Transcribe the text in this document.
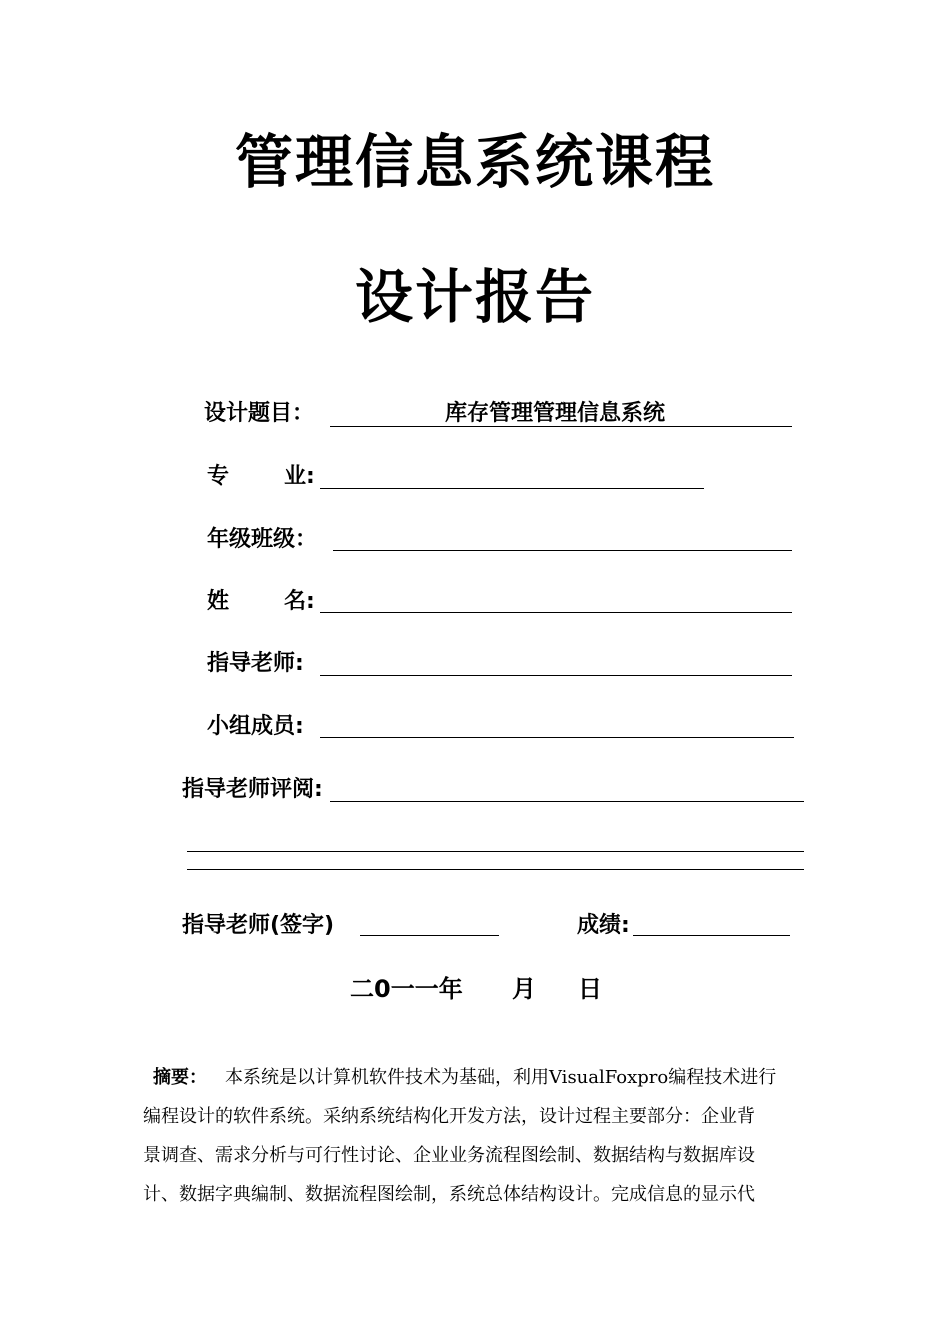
管理信息系统课程
设计报告
设计题目：	库存管理管理信息系统
专 业:
年级班级：
姓 名:
指导老师:
小组成员:
指导老师评阅:
指导老师(签字)	成绩:
二0一一年 月 日

摘要： 本系统是以计算机软件技术为基础，利用VisualFoxpro编程技术进行

编程设计的软件系统。采纳系统结构化开发方法，设计过程主要部分：企业背

景调查、需求分析与可行性讨论、企业业务流程图绘制、数据结构与数据库设

计、数据字典编制、数据流程图绘制，系统总体结构设计。完成信息的显示代
